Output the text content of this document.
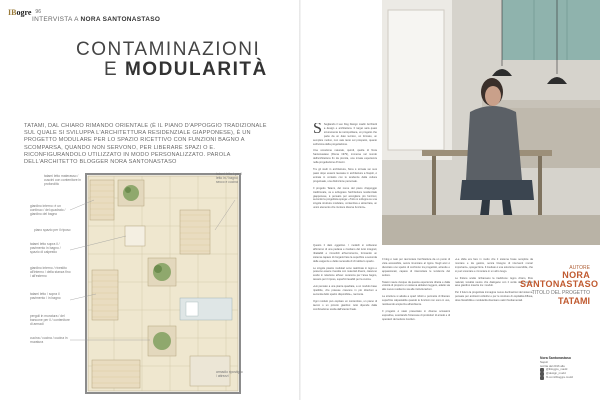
IBogre 96
INTERVISTA A NORA SANTONASTASO
CONTAMINAZIONI
E MODULARITÀ
TATAMI, DAL CHIARO RIMANDO ORIENTALE (È IL PIANO D'APPOGGIO TRADIZIONALE SUL QUALE SI SVILUPPA L'ARCHITETTURA RESIDENZIALE GIAPPONESE), È UN PROGETTO MODULARE PER LO SPAZIO RICETTIVO CON FUNZIONI BAGNO A SCOMPARSA, QUANDO NON SERVONO, PER LIBERARE SPAZI O E. RICONFIGURANDOLO UTILIZZATO IN MODO PERSONALIZZATO. PAROLA DELL'ARCHITETTO BLOGGER NORA SANTONASTASO
tatami letto materasso / cuscini con contenitore in profondità
giardino interno: è un continuo / del quadrato / giardino del bagno
piano spazio per il riposo
tatami letto sopra il / pavimento in bagno / spazio di calpestio
giardino interno / rivestito all'interno / della stanza fino / all'esterno
tatami letto / sopra il pavimento / in bagno
pergoli in muratura / del bancone per il / contenitore di armadi
cucina / cucina / cucina in muratura
tatami letto / per il letto in / bagno secco e cucina
armadio ripostiglio / attrezzi

S Segliando il suo blog Design madd. Architetti a design e architettura. Il target sarà quasi sicuramente la metropolitana, un progetto che parte da un dato tecnico, un formato, un semplice motivo, non vale tanto sul prospetto, quanto sull'anima della progettazione.

Una vocazione naturale, quindi, quella di Nora Santonastaso (Roma 1979), immersa nel mondo dell'architettura fin da piccola, una innata esperienza nella progettazione d'interni.

Tra gli studi in architettura, Nora è tornata sui suoi passi dopo essersi laureata in architettura a Napoli, è entrata in contatto con le tendenze della cultura progettuale, una distinzione personale.

Il progetto Tatami, del nome del piano d'appoggio tradizionale, va a sviluppare l'architettura residenziale giapponese, è pensato per accogliere più funzioni, secondo la progettista spiega: «Tutto si sviluppa su una singola struttura modulare, contenitiva e attrezzata, un unico elemento che riunisce diverse funzioni».

Questo il dato oggettivo. I modelli si collocano all'interno di una pedana e risultano del tutto integrati, ribaltabili e rimovibili all'occorrenza, formando un sistema capace di riorganizzare la superficie a seconda delle esigenze e delle necessità di chi abita lo spazio.

Le singole piastre modulari sono realizzate in legno e possono essere rivestite con materiali diversi, ciascuno scelto in relazione all'uso: ceramica per l'area bagno, tessuto per il riposo, superfici lavabili per la cucina.

«Ho pensato a una pianta quadrata, a un modulo base ripetibile, che potesse crescere in più direzioni a seconda dello spazio disponibile», racconta.

Ogni modulo può ospitare un contenitore, un piano di lavoro o un piccolo giardino: tutto dipende dalla combinazione scelta dall'utente finale.

Il blog è nato per raccontare l'architettura da un punto di vista accessibile, senza rinunciare al rigore. Negli anni è diventato uno spazio di confronto tra progettisti, aziende e appassionati, capace di intercettare le tendenze del settore.

Tatami nasce dunque da questa esperienza diretta e dalla volontà di proporre un sistema abitativo leggero, adatto sia alle nuove residenze sia alle ristrutturazioni.

La struttura si adatta a spazi ridotti e permette di liberare superficie calpestabile quando le funzioni non sono in uso, restituendo ampiezza all'ambiente.

Il progetto è stato presentato in diverse occasioni espositive, suscitando l'interesse di produttori di arredo e di operatori del settore ricettivo.

«La sfida era fare in modo che il sistema fosse semplice da montare e da gestire, senza bisogno di interventi murari importanti», spiega Nora. Il risultato è una soluzione reversibile, che si può smontare e rimontare in un altro luogo.

Le finiture scelte richiamano la tradizione: legno chiaro, fibre naturali, tonalità neutre che dialogano con il verde delle piccole aree giardino inserite tra i moduli.

Per il futuro la progettista immagina nuove declinazioni del sistema, pensate per ambienti collettivi e per le strutture di ospitalità diffusa, dove flessibilità e modularità diventano valori fondamentali.

AUTORE
NORA
SANTONASTASO
TITOLO DEL PROGETTO
TATAMI
Nora Santonastaso
Napoli
iscritta dal 2016 alla
@ibloggre_madd
@design_mudd
fb.com/ibloggre.mudd
